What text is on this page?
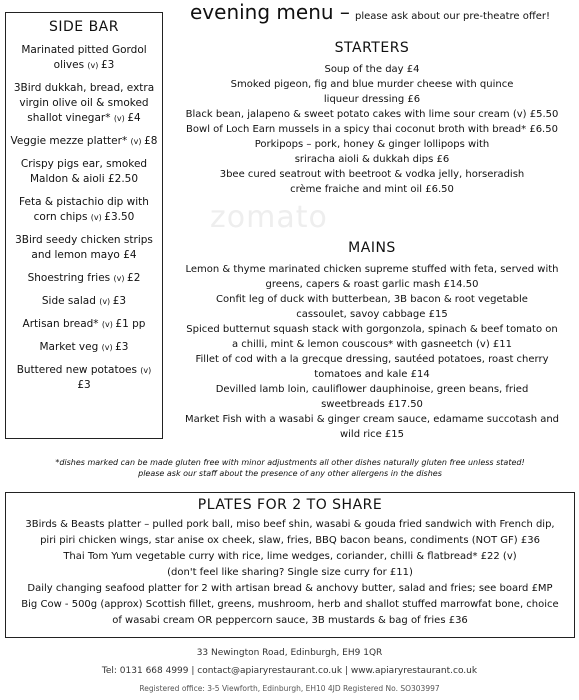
zomato
evening menu – please ask about our pre-theatre offer!
SIDE BAR
Marinated pitted Gordol olives (v) £3
3Bird dukkah, bread, extra virgin olive oil & smoked shallot vinegar* (v) £4
Veggie mezze platter* (v) £8
Crispy pigs ear, smoked Maldon & aioli £2.50
Feta & pistachio dip with corn chips (v) £3.50
3Bird seedy chicken strips and lemon mayo £4
Shoestring fries (v) £2
Side salad (v) £3
Artisan bread* (v) £1 pp
Market veg (v) £3
Buttered new potatoes (v) £3
STARTERS
Soup of the day £4
Smoked pigeon, fig and blue murder cheese with quince
liqueur dressing £6
Black bean, jalapeno & sweet potato cakes with lime sour cream (v) £5.50
Bowl of Loch Earn mussels in a spicy thai coconut broth with bread* £6.50
Porkipops – pork, honey & ginger lollipops with
sriracha aioli & dukkah dips £6
3bee cured seatrout with beetroot & vodka jelly, horseradish
crème fraiche and mint oil £6.50
MAINS
Lemon & thyme marinated chicken supreme stuffed with feta, served with
greens, capers & roast garlic mash £14.50
Confit leg of duck with butterbean, 3B bacon & root vegetable
cassoulet, savoy cabbage £15
Spiced butternut squash stack with gorgonzola, spinach & beef tomato on
a chilli, mint & lemon couscous* with gasneetch (v) £11
Fillet of cod with a la grecque dressing, sautéed potatoes, roast cherry
tomatoes and kale £14
Devilled lamb loin, cauliflower dauphinoise, green beans, fried
sweetbreads £17.50
Market Fish with a wasabi & ginger cream sauce, edamame succotash and
wild rice £15
*dishes marked can be made gluten free with minor adjustments all other dishes naturally gluten free unless stated!
please ask our staff about the presence of any other allergens in the dishes
PLATES FOR 2 TO SHARE
3Birds & Beasts platter – pulled pork ball, miso beef shin, wasabi & gouda fried sandwich with French dip,
piri piri chicken wings, star anise ox cheek, slaw, fries, BBQ bacon beans, condiments (NOT GF) £36
Thai Tom Yum vegetable curry with rice, lime wedges, coriander, chilli & flatbread* £22 (v)
(don't feel like sharing? Single size curry for £11)
Daily changing seafood platter for 2 with artisan bread & anchovy butter, salad and fries; see board £MP
Big Cow - 500g (approx) Scottish fillet, greens, mushroom, herb and shallot stuffed marrowfat bone, choice
of wasabi cream OR peppercorn sauce, 3B mustards & bag of fries £36
33 Newington Road, Edinburgh, EH9 1QR
Tel: 0131 668 4999 | contact@apiaryrestaurant.co.uk | www.apiaryrestaurant.co.uk
Registered office: 3-5 Viewforth, Edinburgh, EH10 4JD Registered No. SO303997
